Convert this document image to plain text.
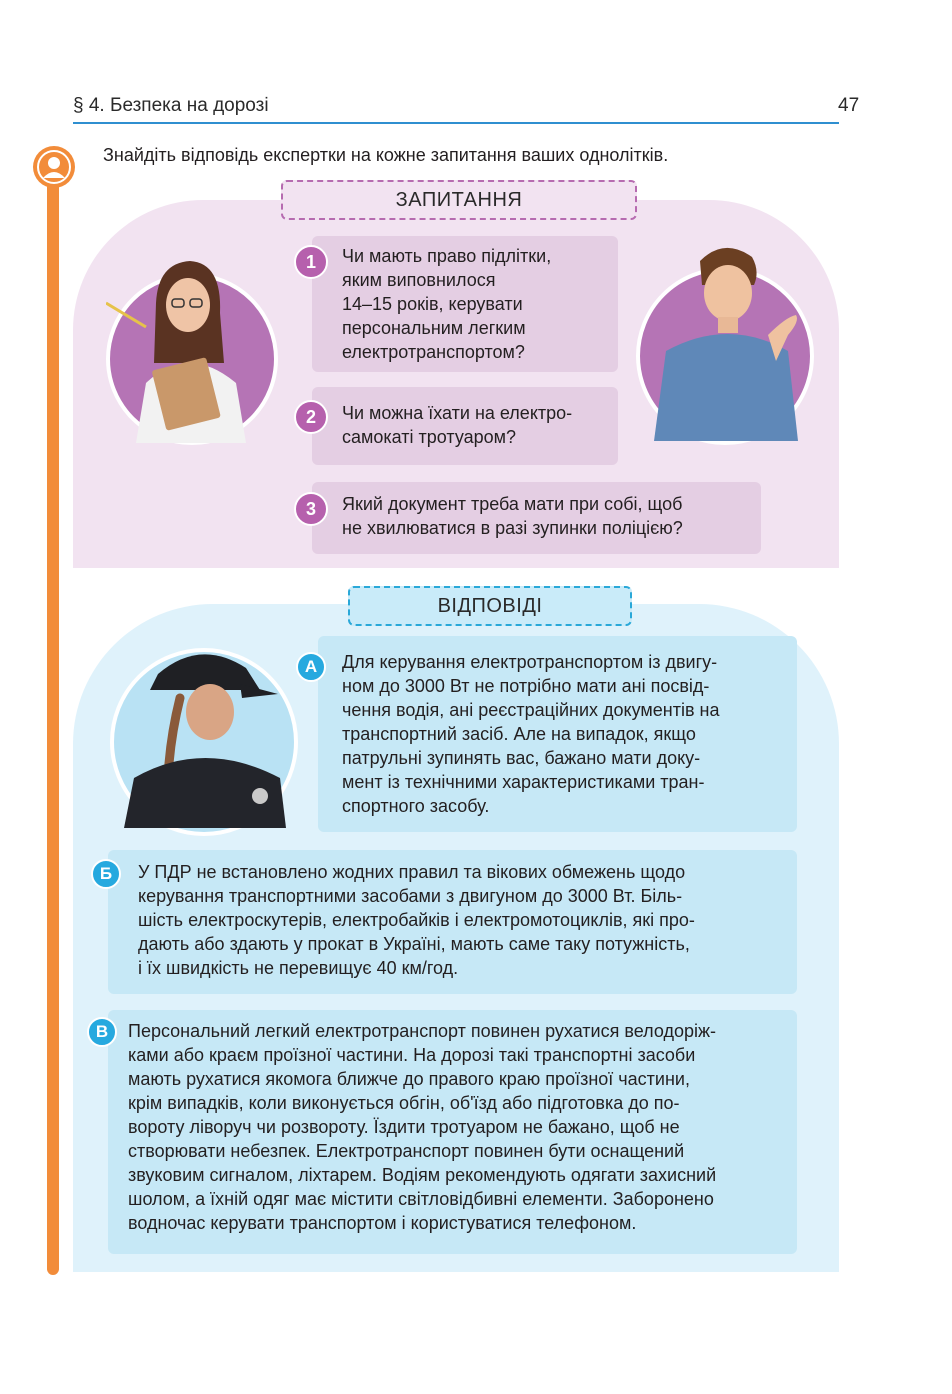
§ 4. Безпека на дорозі	47
Знайдіть відповідь експертки на кожне запитання ваших однолітків.
ЗАПИТАННЯ
Чи мають право підлітки,
яким виповнилося
14–15 років, керувати
персональним легким
електротранспортом?
1
Чи можна їхати на електро-
самокаті тротуаром?
2
Який документ треба мати при собі, щоб
не хвилюватися в разі зупинки поліцією?
3
ВІДПОВІДІ
Для керування електротранспортом із двигу-
ном до 3000 Вт не потрібно мати ані посвід-
чення водія, ані реєстраційних документів на
транспортний засіб. Але на випадок, якщо
патрульні зупинять вас, бажано мати доку-
мент із технічними характеристиками тран-
спортного засобу.
А
У ПДР не встановлено жодних правил та вікових обмежень щодо
керування транспортними засобами з двигуном до 3000 Вт. Біль-
шість електроскутерів, електробайків і електромотоциклів, які про-
дають або здають у прокат в Україні, мають саме таку потужність,
і їх швидкість не перевищує 40 км/год.
Б
Персональний легкий електротранспорт повинен рухатися велодоріж-
ками або краєм проїзної частини. На дорозі такі транспортні засоби
мають рухатися якомога ближче до правого краю проїзної частини,
крім випадків, коли виконується обгін, об'їзд або підготовка до по-
вороту ліворуч чи розвороту. Їздити тротуаром не бажано, щоб не
створювати небезпек. Електротранспорт повинен бути оснащений
звуковим сигналом, ліхтарем. Водіям рекомендують одягати захисний
шолом, а їхній одяг має містити світловідбивні елементи. Заборонено
водночас керувати транспортом і користуватися телефоном.
В
